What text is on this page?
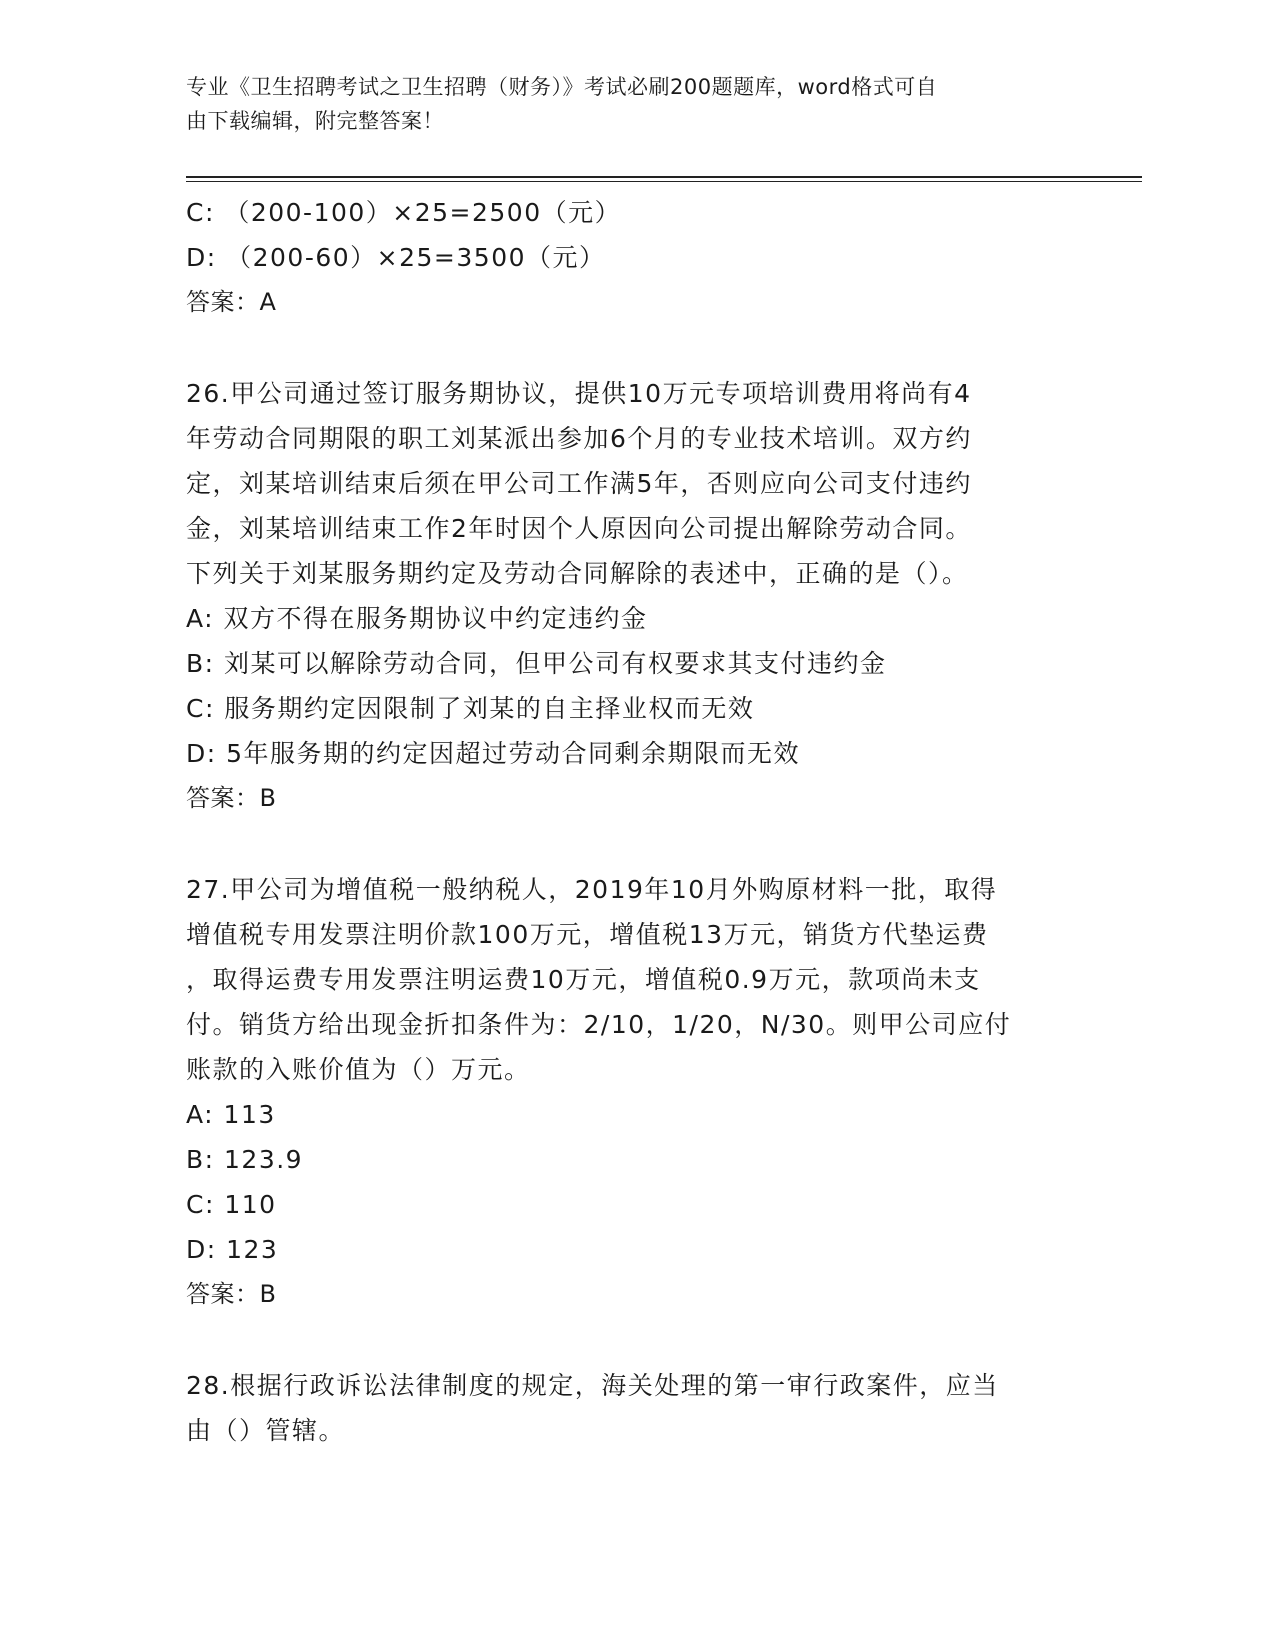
专业《卫生招聘考试之卫生招聘（财务）》考试必刷200题题库，word格式可自
由下载编辑，附完整答案！
C: （200-100）×25=2500（元）
D: （200-60）×25=3500（元）
答案：A
26.甲公司通过签订服务期协议，提供10万元专项培训费用将尚有4
年劳动合同期限的职工刘某派出参加6个月的专业技术培训。双方约
定，刘某培训结束后须在甲公司工作满5年，否则应向公司支付违约
金，刘某培训结束工作2年时因个人原因向公司提出解除劳动合同。
下列关于刘某服务期约定及劳动合同解除的表述中，正确的是（）。
A: 双方不得在服务期协议中约定违约金
B: 刘某可以解除劳动合同，但甲公司有权要求其支付违约金
C: 服务期约定因限制了刘某的自主择业权而无效
D: 5年服务期的约定因超过劳动合同剩余期限而无效
答案：B
27.甲公司为增值税一般纳税人，2019年10月外购原材料一批，取得
增值税专用发票注明价款100万元，增值税13万元，销货方代垫运费
，取得运费专用发票注明运费10万元，增值税0.9万元，款项尚未支
付。销货方给出现金折扣条件为：2/10，1/20，N/30。则甲公司应付
账款的入账价值为（）万元。
A: 113
B: 123.9
C: 110
D: 123
答案：B
28.根据行政诉讼法律制度的规定，海关处理的第一审行政案件，应当
由（）管辖。
